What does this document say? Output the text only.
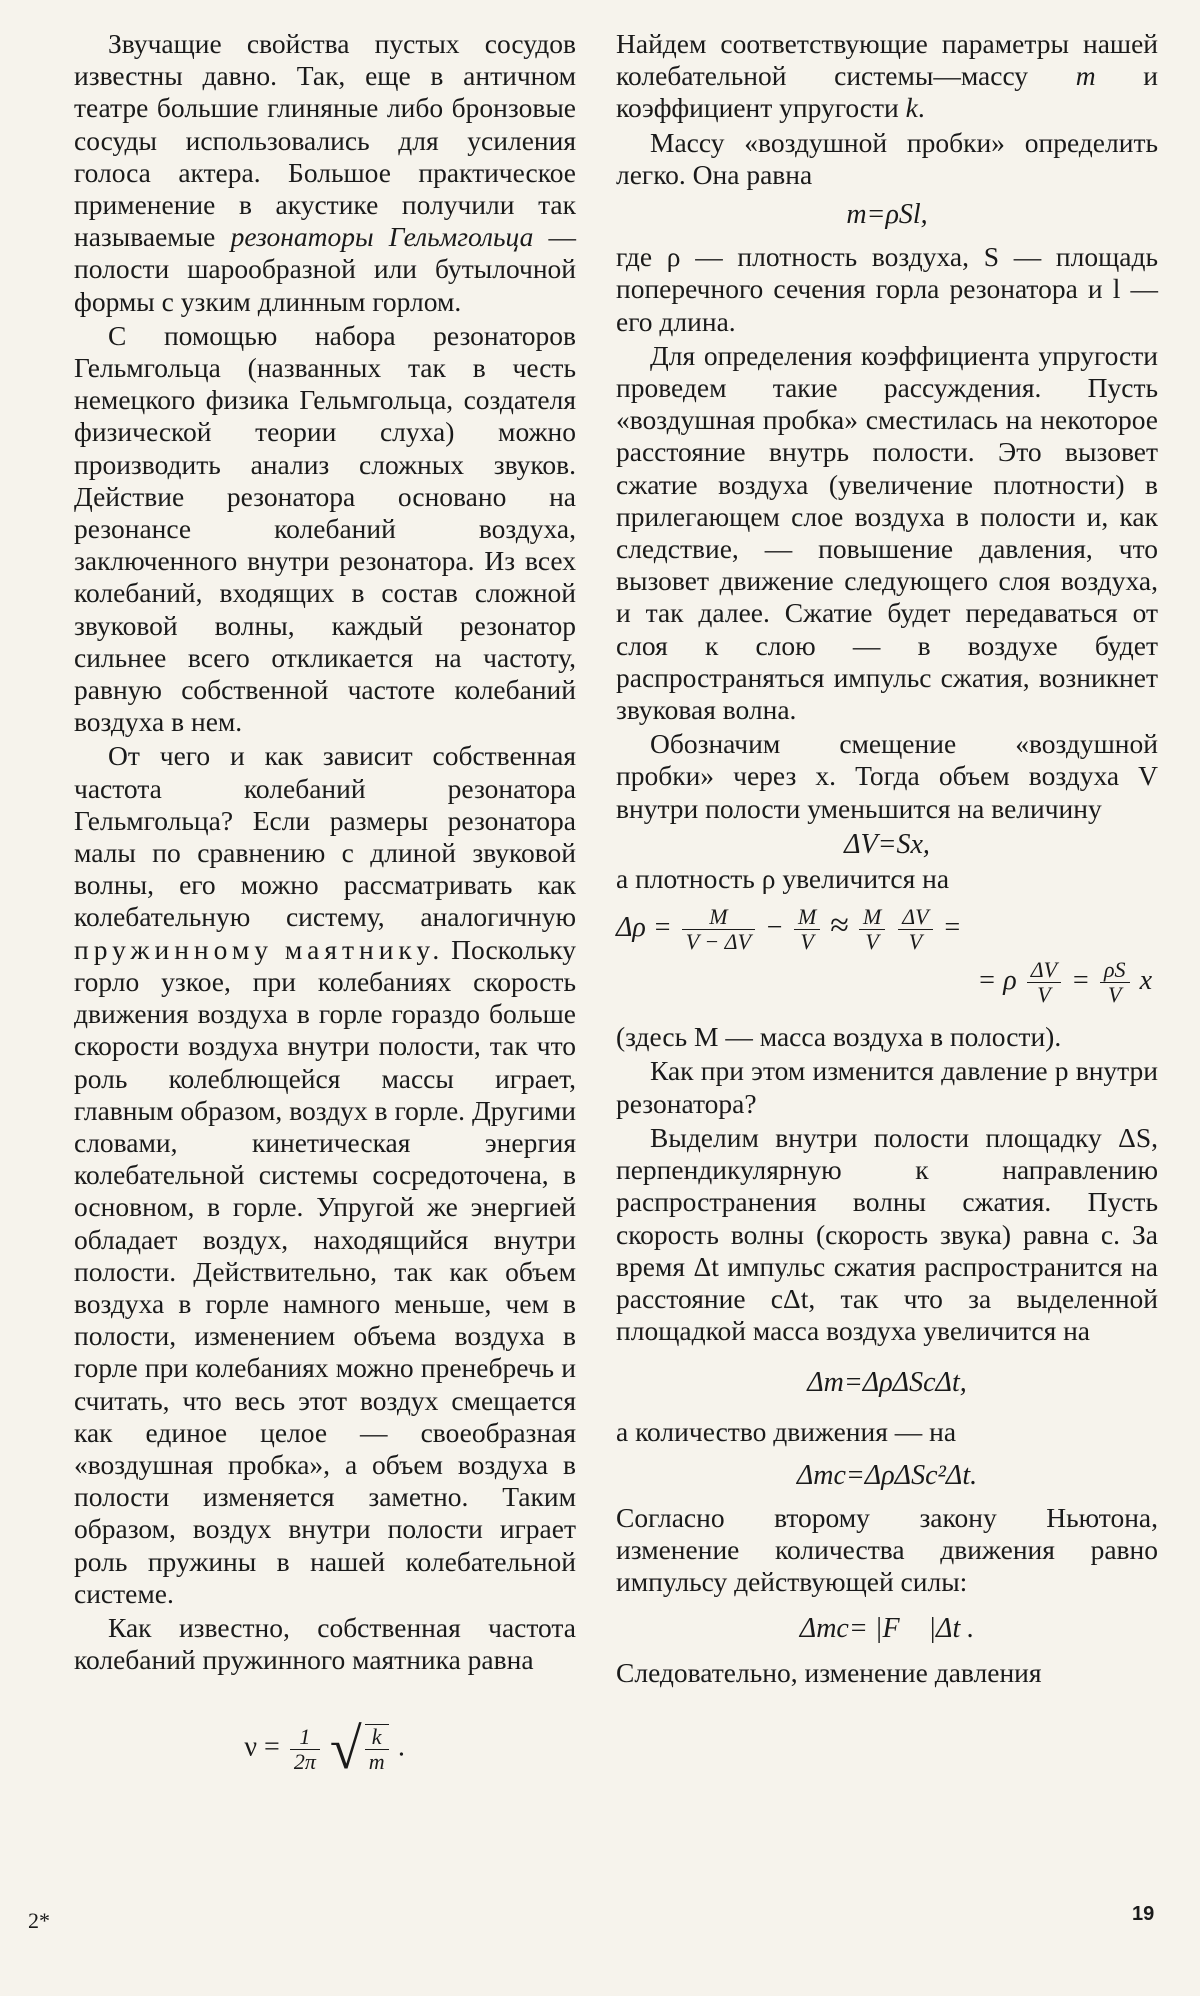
Звучащие свойства пустых сосудов известны давно. Так, еще в античном театре большие глиняные либо бронзовые сосуды использовались для усиления голоса актера. Большое практическое применение в акустике получили так называемые резонаторы Гельмгольца — полости шарообразной или бутылочной формы с узким длинным горлом.

С помощью набора резонаторов Гельмгольца (названных так в честь немецкого физика Гельмгольца, создателя физической теории слуха) можно производить анализ сложных звуков. Действие резонатора основано на резонансе колебаний воздуха, заключенного внутри резонатора. Из всех колебаний, входящих в состав сложной звуковой волны, каждый резонатор сильнее всего откликается на частоту, равную собственной частоте колебаний воздуха в нем.

От чего и как зависит собственная частота колебаний резонатора Гельмгольца? Если размеры резонатора малы по сравнению с длиной звуковой волны, его можно рассматривать как колебательную систему, аналогичную пружинному маятнику. Поскольку горло узкое, при колебаниях скорость движения воздуха в горле гораздо больше скорости воздуха внутри полости, так что роль колеблющейся массы играет, главным образом, воздух в горле. Другими словами, кинетическая энергия колебательной системы сосредоточена, в основном, в горле. Упругой же энергией обладает воздух, находящийся внутри полости. Действительно, так как объем воздуха в горле намного меньше, чем в полости, изменением объема воздуха в горле при колебаниях можно пренебречь и считать, что весь этот воздух смещается как единое целое — своеобразная «воздушная пробка», а объем воздуха в полости изменяется заметно. Таким образом, воздух внутри полости играет роль пружины в нашей колебательной системе.

Как известно, собственная частота колебаний пружинного маятника равна

$\nu = \frac{1}{2\pi}$ √ $\frac{k}{m}$ .

Найдем соответствующие параметры нашей колебательной системы—массу m и коэффициент упругости k.

Массу «воздушной пробки» определить легко. Она равна

m=ρSl,

где ρ — плотность воздуха, S — площадь поперечного сечения горла резонатора и l — его длина.

Для определения коэффициента упругости проведем такие рассуждения. Пусть «воздушная пробка» сместилась на некоторое расстояние внутрь полости. Это вызовет сжатие воздуха (увеличение плотности) в прилегающем слое воздуха в полости и, как следствие, — повышение давления, что вызовет движение следующего слоя воздуха, и так далее. Сжатие будет передаваться от слоя к слою — в воздухе будет распространяться импульс сжатия, возникнет звуковая волна.

Обозначим смещение «воздушной пробки» через x. Тогда объем воздуха V внутри полости уменьшится на величину

ΔV=Sx,

а плотность ρ увеличится на

$\Delta\rho = \frac{M}{V - \Delta V} - \frac{M}{V} \approx \frac{M}{V}$
$\frac{\Delta V}{V}$ =
= ρ $\frac{\Delta V}{V} = \frac{\rho S}{V}$ x

(здесь M — масса воздуха в полости).

Как при этом изменится давление p внутри резонатора?

Выделим внутри полости площадку ΔS, перпендикулярную к направлению распространения волны сжатия. Пусть скорость волны (скорость звука) равна c. За время Δt импульс сжатия распространится на расстояние cΔt, так что за выделенной площадкой масса воздуха увеличится на

Δm=ΔρΔScΔt,

а количество движения — на

Δmc=ΔρΔSc²Δt.

Согласно второму закону Ньютона, изменение количества движения равно импульсу действующей силы:

Δmc= |F⃗ |Δt .

Следовательно, изменение давления

2*	19
